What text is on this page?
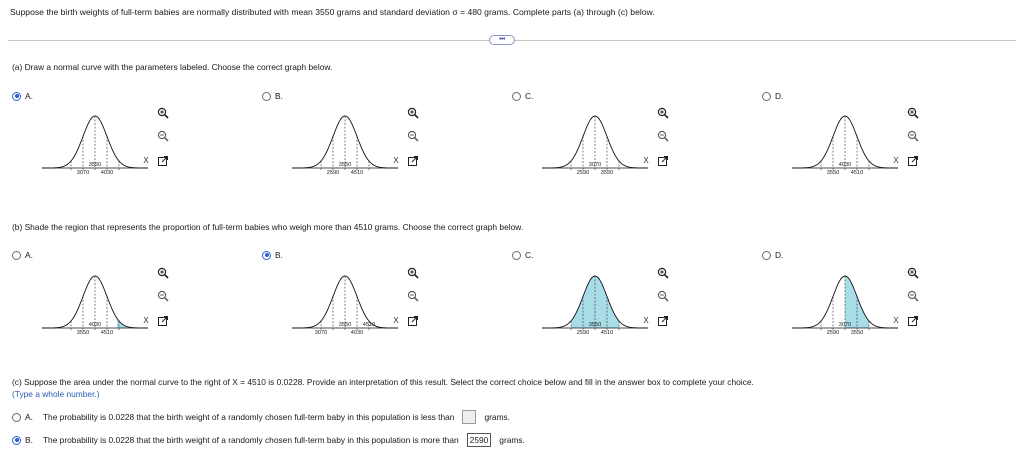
Suppose the birth weights of full-term babies are normally distributed with mean 3550 grams and standard deviation σ = 480 grams. Complete parts (a) through (c) below.
•••
(a) Draw a normal curve with the parameters labeled. Choose the correct graph below.
(b) Shade the region that represents the proportion of full-term babies who weigh more than 4510 grams. Choose the correct graph below.
A.
3070
3550
4030
X
B.
2590
3550
4510
X
C.
2590
3070
3550
X
D.
3550
4030
4510
X
A.
3550
4030
4510
X
B.
3070
3550
4030
4510	X
C.
2590
3550
4510
X
D.
2590
3070
3550
X
(c) Suppose the area under the normal curve to the right of X = 4510 is 0.0228. Provide an interpretation of this result. Select the correct choice below and fill in the answer box to complete your choice.
(Type a whole number.)
A. The probability is 0.0228 that the birth weight of a randomly chosen full-term baby in this population is less than	grams.
B. The probability is 0.0228 that the birth weight of a randomly chosen full-term baby in this population is more than	2590	grams.
